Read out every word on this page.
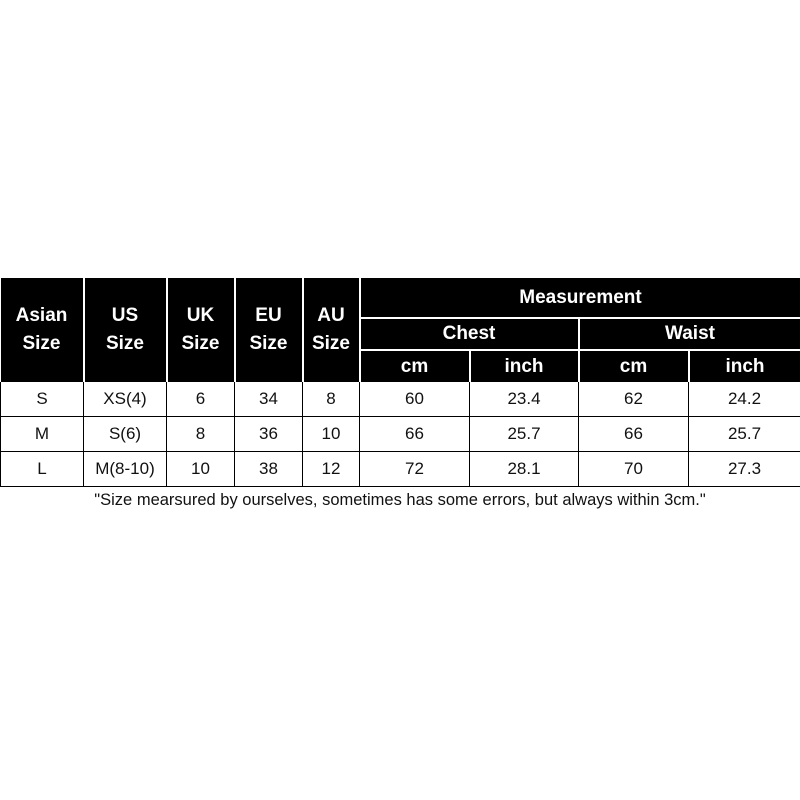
Asian
Size	US
Size	UK
Size	EU
Size	AU
Size	Measurement			
					Chest		Waist	
					cm	inch	cm	inch
S	XS(4)	6	34	8	60	23.4	62	24.2
M	S(6)	8	36	10	66	25.7	66	25.7
L	M(8-10)	10	38	12	72	28.1	70	27.3
"Size mearsured by ourselves, sometimes has some errors, but always within 3cm."
